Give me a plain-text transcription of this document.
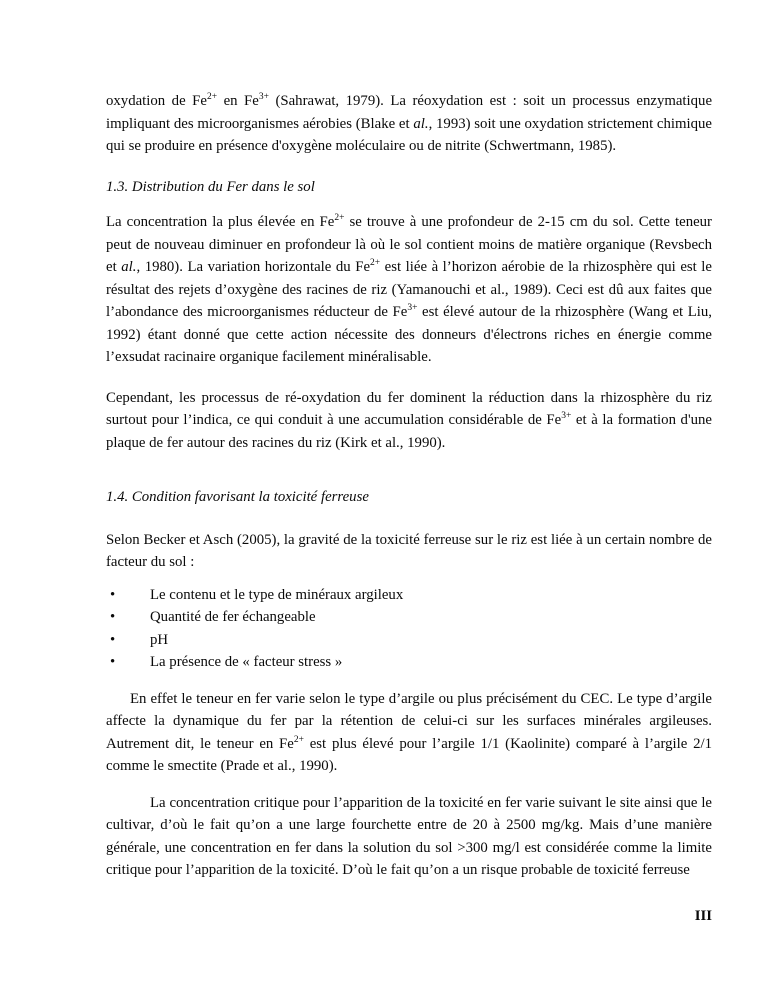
oxydation de $Fe^{2+}$ en $Fe^{3+}$ (Sahrawat, 1979). La réoxydation est : soit un processus enzymatique impliquant des microorganismes aérobies (Blake et al., 1993) soit une oxydation strictement chimique qui se produire en présence d'oxygène moléculaire ou de nitrite (Schwertmann, 1985).

1.3. Distribution du Fer dans le sol

La concentration la plus élevée en $Fe^{2+}$ se trouve à une profondeur de 2-15 cm du sol. Cette teneur peut de nouveau diminuer en profondeur là où le sol contient moins de matière organique (Revsbech et al., 1980). La variation horizontale du $Fe^{2+}$ est liée à l’horizon aérobie de la rhizosphère qui est le résultat des rejets d’oxygène des racines de riz (Yamanouchi et al., 1989). Ceci est dû aux faites que l’abondance des microorganismes réducteur de $Fe^{3+}$ est élevé autour de la rhizosphère (Wang et Liu, 1992) étant donné que cette action nécessite des donneurs d'électrons riches en énergie comme l’exsudat racinaire organique facilement minéralisable.

Cependant, les processus de ré-oxydation du fer dominent la réduction dans la rhizosphère du riz surtout pour l’indica, ce qui conduit à une accumulation considérable de $Fe^{3+}$ et à la formation d'une plaque de fer autour des racines du riz (Kirk et al., 1990).

1.4. Condition favorisant la toxicité ferreuse

Selon Becker et Asch (2005), la gravité de la toxicité ferreuse sur le riz est liée à un certain nombre de facteur du sol :

• Le contenu et le type de minéraux argileux
• Quantité de fer échangeable
• pH
• La présence de « facteur stress »

En effet le teneur en fer varie selon le type d’argile ou plus précisément du CEC. Le type d’argile affecte la dynamique du fer par la rétention de celui-ci sur les surfaces minérales argileuses. Autrement dit, le teneur en $Fe^{2+}$ est plus élevé pour l’argile 1/1 (Kaolinite) comparé à l’argile 2/1 comme le smectite (Prade et al., 1990).

La concentration critique pour l’apparition de la toxicité en fer varie suivant le site ainsi que le cultivar, d’où le fait qu’on a une large fourchette entre de 20 à 2500 mg/kg. Mais d’une manière générale, une concentration en fer dans la solution du sol >300 mg/l est considérée comme la limite critique pour l’apparition de la toxicité. D’où le fait qu’on a un risque probable de toxicité ferreuse

III
